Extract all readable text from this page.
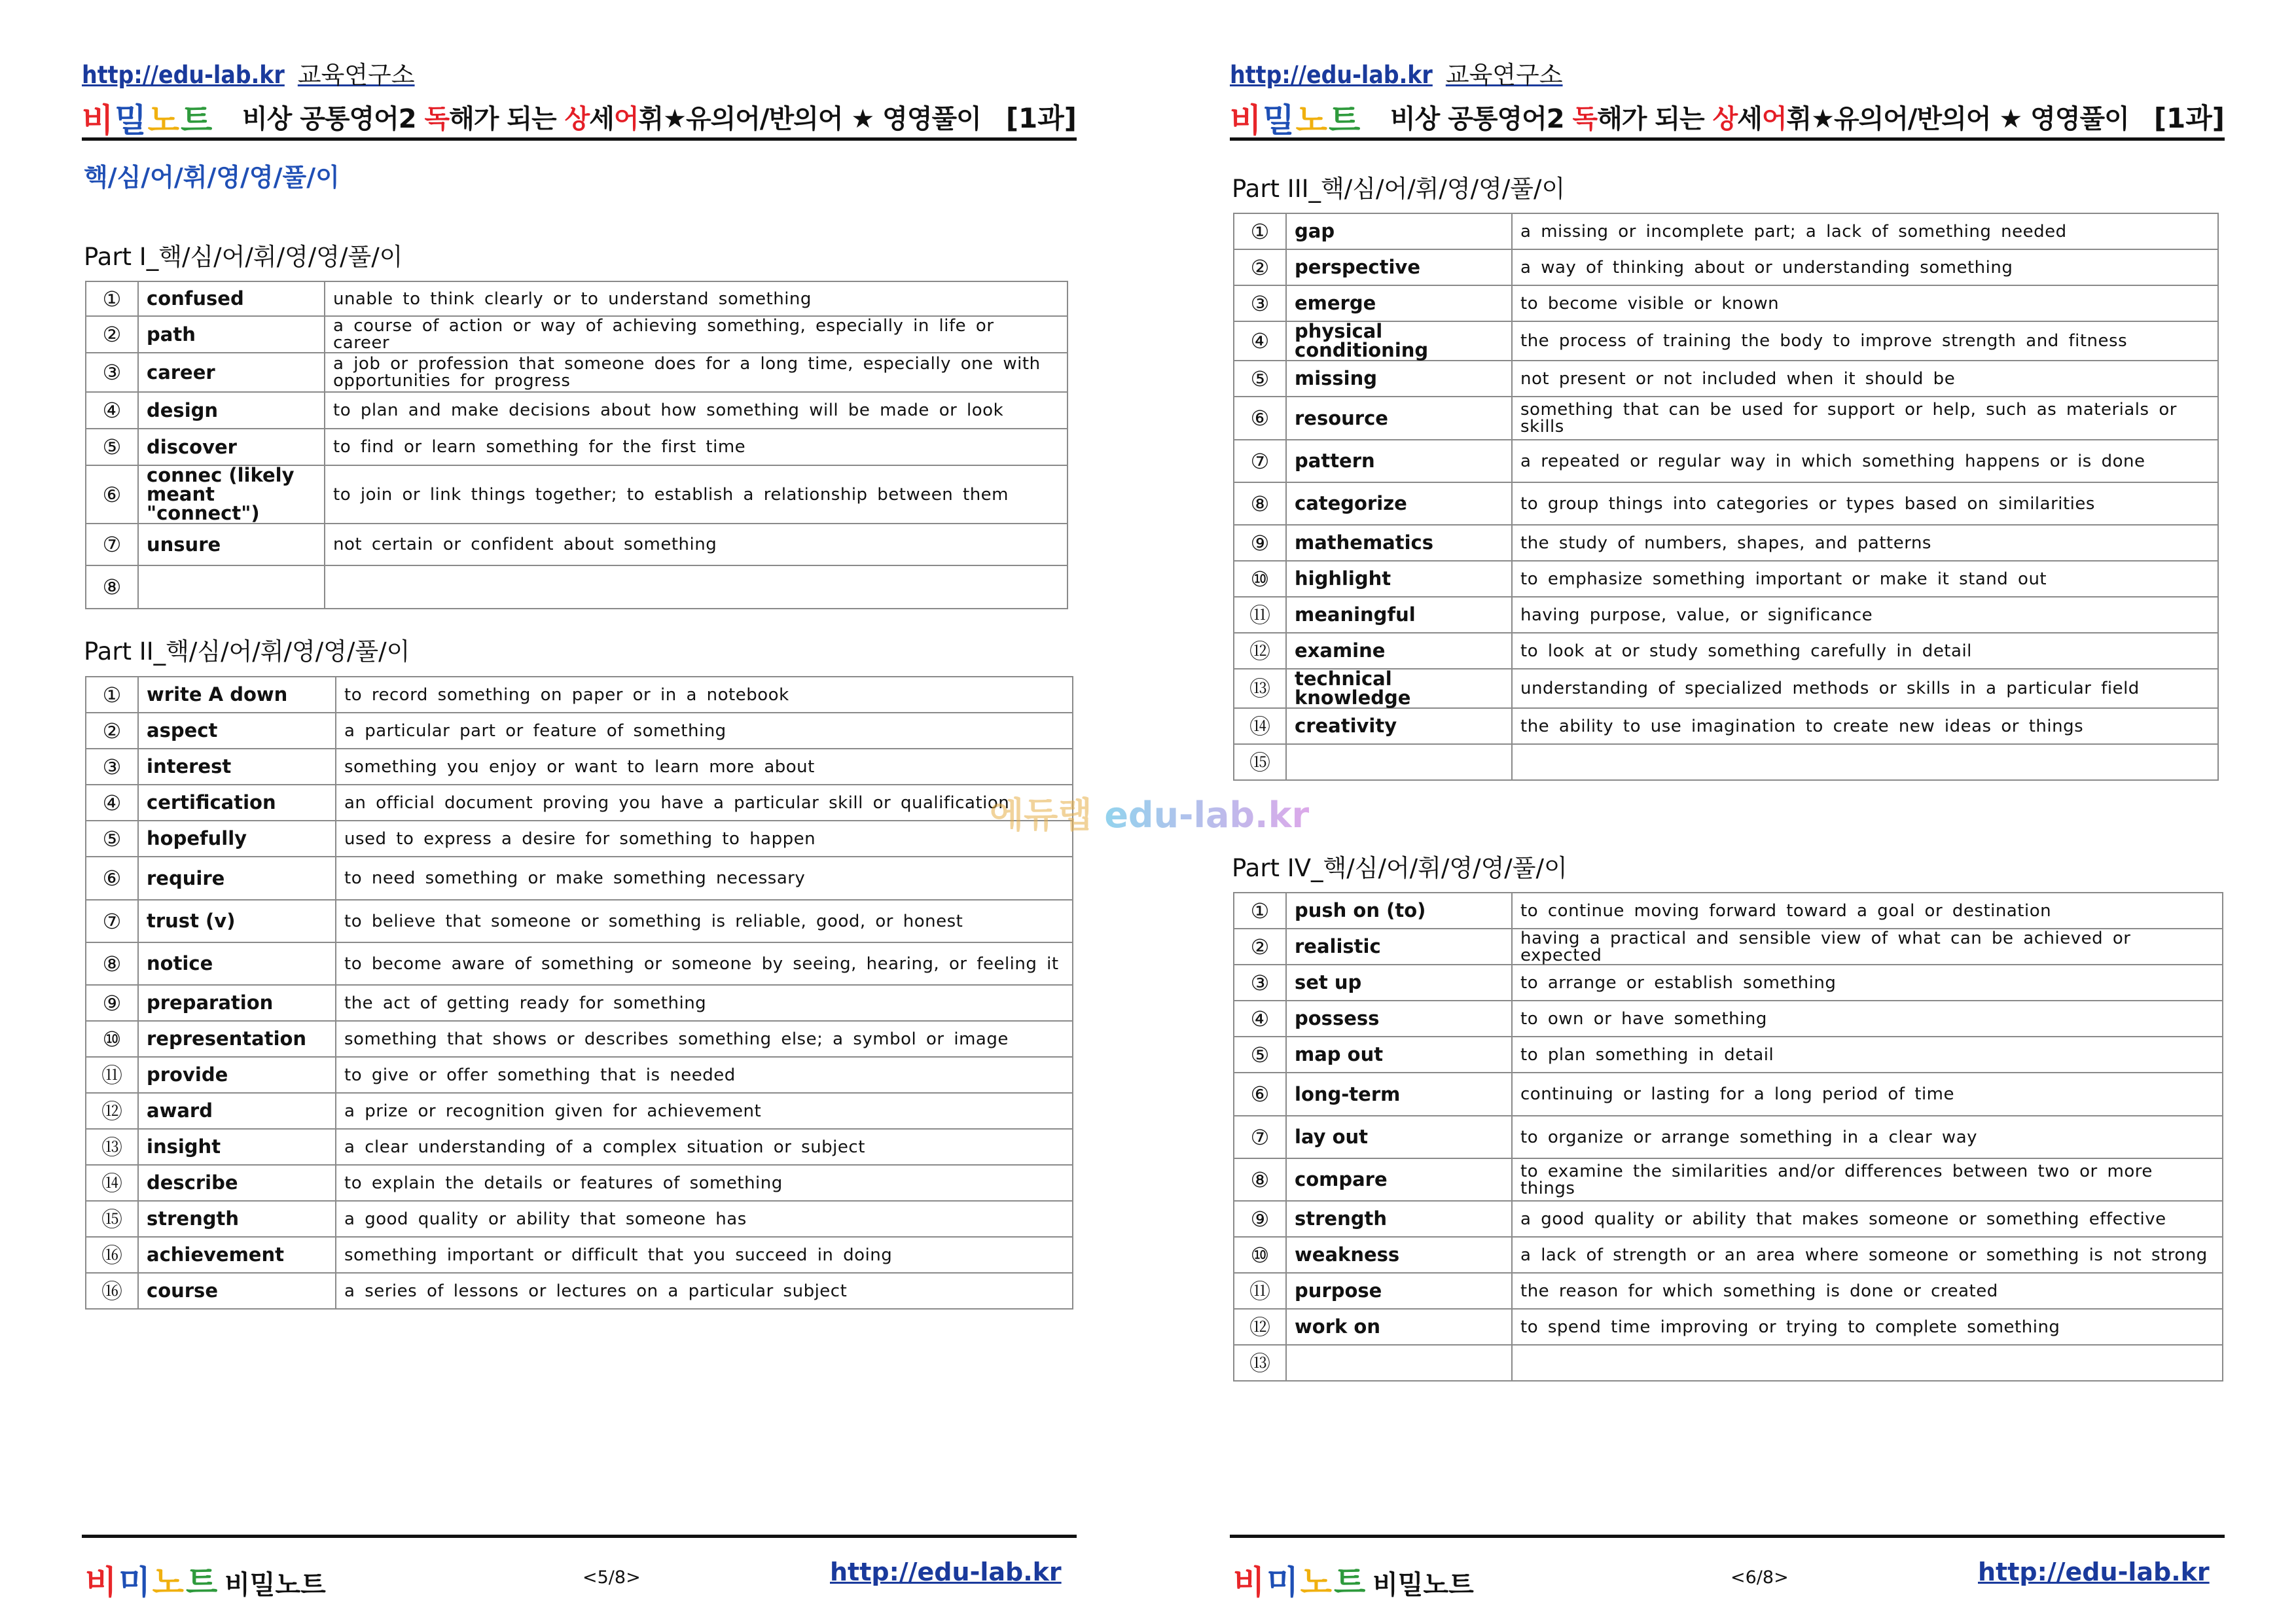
http://edu-lab.kr 교육연구소
비밀노트 비상 공통영어2 독해가 되는 상세어휘★유의어/반의어 ★ 영영풀이 [1과]
핵/심/어/휘/영/영/풀/이
Part I_핵/심/어/휘/영/영/풀/이
①	confused	unable to think clearly or to understand something
②	path	a course of action or way of achieving something, especially in life or career
③	career	a job or profession that someone does for a long time, especially one with opportunities for progress
④	design	to plan and make decisions about how something will be made or look
⑤	discover	to find or learn something for the first time
⑥	connec (likely meant "connect")	to join or link things together; to establish a relationship between them
⑦	unsure	not certain or confident about something
⑧		
Part II_핵/심/어/휘/영/영/풀/이
①	write A down	to record something on paper or in a notebook
②	aspect	a particular part or feature of something
③	interest	something you enjoy or want to learn more about
④	certification	an official document proving you have a particular skill or qualification
⑤	hopefully	used to express a desire for something to happen
⑥	require	to need something or make something necessary
⑦	trust (v)	to believe that someone or something is reliable, good, or honest
⑧	notice	to become aware of something or someone by seeing, hearing, or feeling it
⑨	preparation	the act of getting ready for something
⑩	representation	something that shows or describes something else; a symbol or image
⑪	provide	to give or offer something that is needed
⑫	award	a prize or recognition given for achievement
⑬	insight	a clear understanding of a complex situation or subject
⑭	describe	to explain the details or features of something
⑮	strength	a good quality or ability that someone has
⑯	achievement	something important or difficult that you succeed in doing
⑯	course	a series of lessons or lectures on a particular subject
비미노트 비밀노트	<5/8>	http://edu-lab.kr
http://edu-lab.kr 교육연구소
비밀노트 비상 공통영어2 독해가 되는 상세어휘★유의어/반의어 ★ 영영풀이 [1과]
Part III_핵/심/어/휘/영/영/풀/이
①	gap	a missing or incomplete part; a lack of something needed
②	perspective	a way of thinking about or understanding something
③	emerge	to become visible or known
④	physical conditioning	the process of training the body to improve strength and fitness
⑤	missing	not present or not included when it should be
⑥	resource	something that can be used for support or help, such as materials or skills
⑦	pattern	a repeated or regular way in which something happens or is done
⑧	categorize	to group things into categories or types based on similarities
⑨	mathematics	the study of numbers, shapes, and patterns
⑩	highlight	to emphasize something important or make it stand out
⑪	meaningful	having purpose, value, or significance
⑫	examine	to look at or study something carefully in detail
⑬	technical knowledge	understanding of specialized methods or skills in a particular field
⑭	creativity	the ability to use imagination to create new ideas or things
⑮		
Part IV_핵/심/어/휘/영/영/풀/이
①	push on (to)	to continue moving forward toward a goal or destination
②	realistic	having a practical and sensible view of what can be achieved or expected
③	set up	to arrange or establish something
④	possess	to own or have something
⑤	map out	to plan something in detail
⑥	long-term	continuing or lasting for a long period of time
⑦	lay out	to organize or arrange something in a clear way
⑧	compare	to examine the similarities and/or differences between two or more things
⑨	strength	a good quality or ability that makes someone or something effective
⑩	weakness	a lack of strength or an area where someone or something is not strong
⑪	purpose	the reason for which something is done or created
⑫	work on	to spend time improving or trying to complete something
⑬		
비미노트 비밀노트	<6/8>	http://edu-lab.kr
에듀랩 edu-lab.kr
